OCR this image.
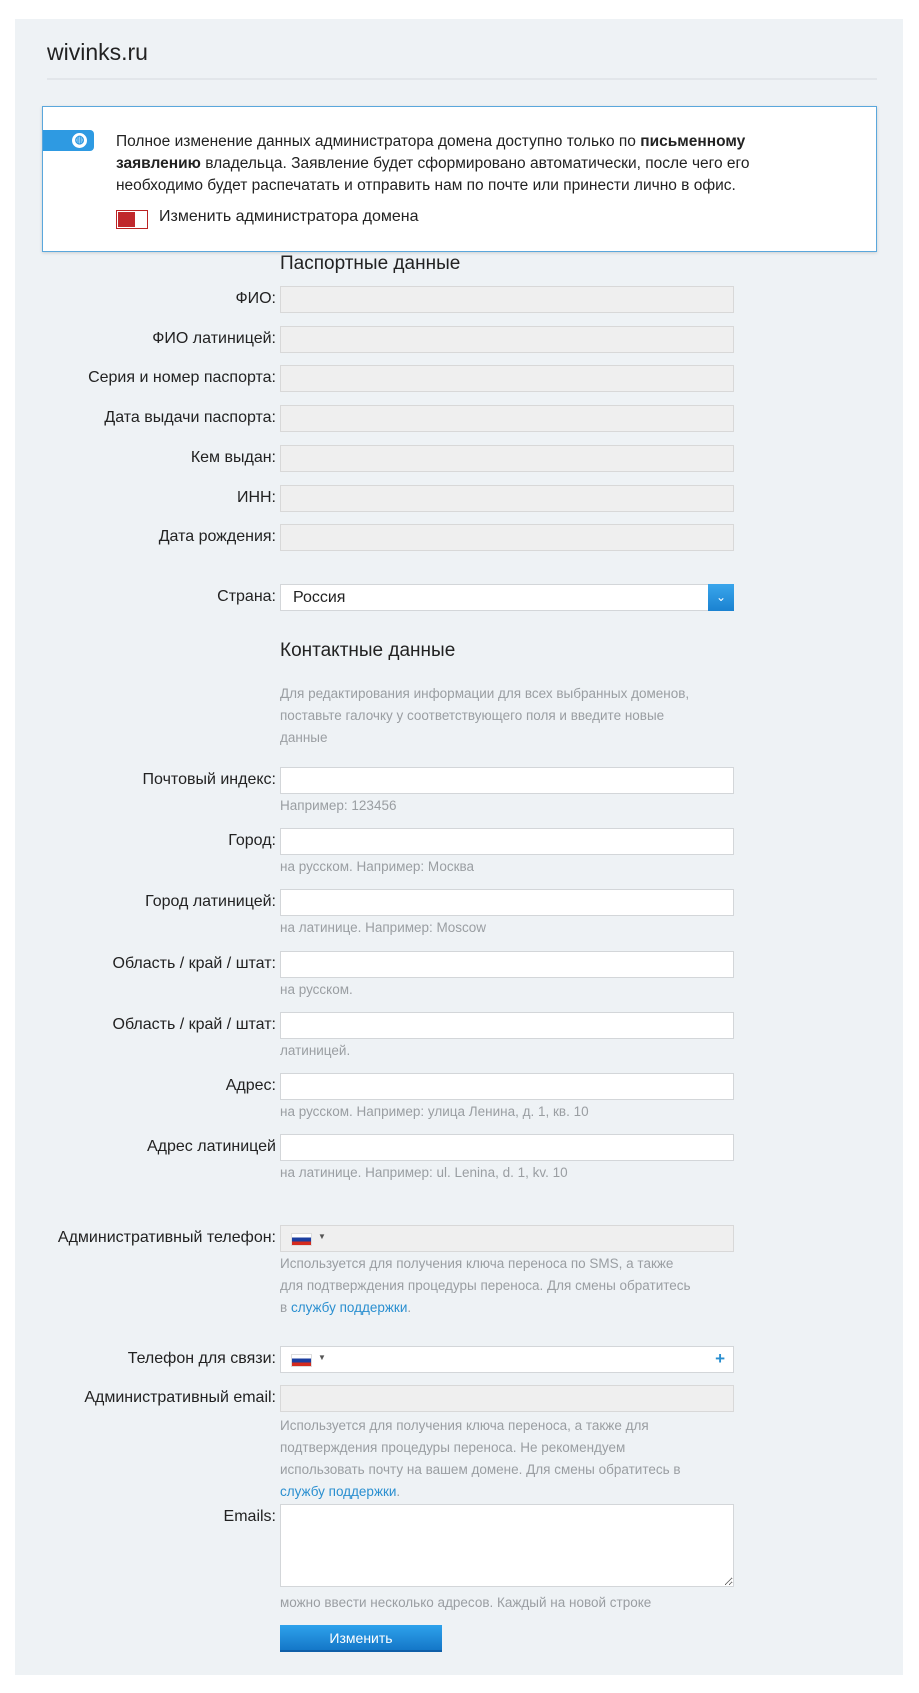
wivinks.ru
◍ Полное изменение данных администратора домена доступно только по письменному заявлению владельца. Заявление будет сформировано автоматически, после чего его необходимо будет распечатать и отправить нам по почте или принести лично в офис.
Изменить администратора домена
Паспортные данные
ФИО:
ФИО латиницей:
Серия и номер паспорта:
Дата выдачи паспорта:
Кем выдан:
ИНН:
Дата рождения:
Страна:	Россия	⌄
Контактные данные
Для редактирования информации для всех выбранных доменов, поставьте галочку у соответствующего поля и введите новые данные
Почтовый индекс:
Например: 123456
Город:
на русском. Например: Москва
Город латиницей:
на латинице. Например: Moscow
Область / край / штат:
на русском.
Область / край / штат:
латиницей.
Адрес:
на русском. Например: улица Ленина, д. 1, кв. 10
Адрес латиницей
на латинице. Например: ul. Lenina, d. 1, kv. 10
Административный телефон:	▼
Используется для получения ключа переноса по SMS, а также для подтверждения процедуры переноса. Для смены обратитесь в службу поддержки.
Телефон для связи:	▼	+
Административный email:
Используется для получения ключа переноса, а также для подтверждения процедуры переноса. Не рекомендуем использовать почту на вашем домене. Для смены обратитесь в службу поддержки.
Emails:
можно ввести несколько адресов. Каждый на новой строке
Изменить
